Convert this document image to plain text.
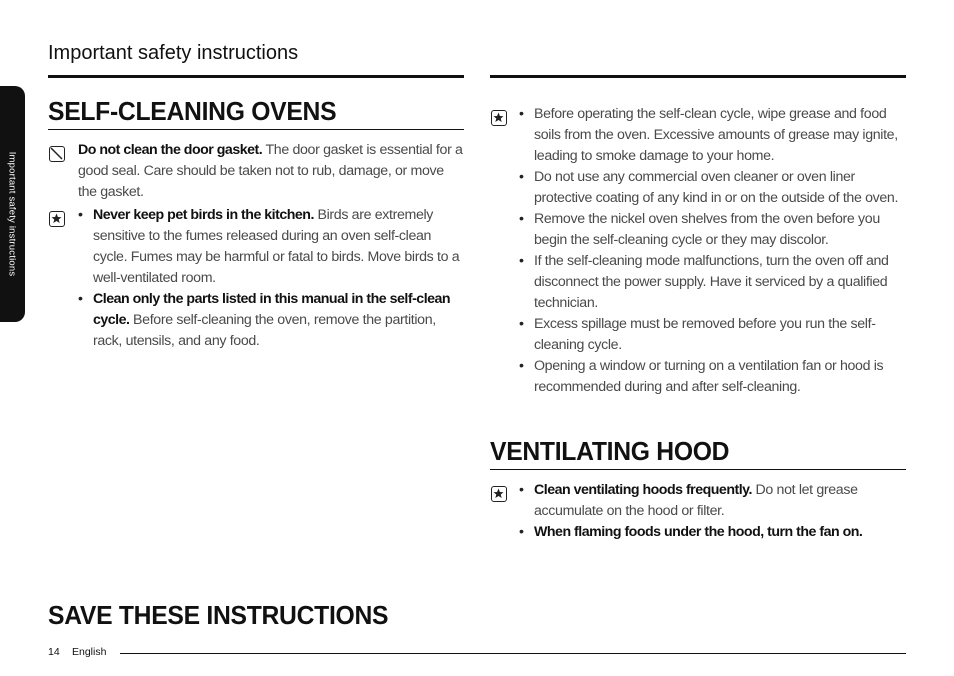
Important safety instructions
Important safety instructions
SELF-CLEANING OVENS
Do not clean the door gasket. The door gasket is essential for a good seal. Care should be taken not to rub, damage, or move the gasket.
• Never keep pet birds in the kitchen. Birds are extremely sensitive to the fumes released during an oven self-clean cycle. Fumes may be harmful or fatal to birds. Move birds to a well-ventilated room.
• Clean only the parts listed in this manual in the self-clean cycle. Before self-cleaning the oven, remove the partition, rack, utensils, and any food.
• Before operating the self-clean cycle, wipe grease and food soils from the oven. Excessive amounts of grease may ignite, leading to smoke damage to your home.
• Do not use any commercial oven cleaner or oven liner protective coating of any kind in or on the outside of the oven.
• Remove the nickel oven shelves from the oven before you begin the self-cleaning cycle or they may discolor.
• If the self-cleaning mode malfunctions, turn the oven off and disconnect the power supply. Have it serviced by a qualified technician.
• Excess spillage must be removed before you run the self-cleaning cycle.
• Opening a window or turning on a ventilation fan or hood is recommended during and after self-cleaning.
VENTILATING HOOD
• Clean ventilating hoods frequently. Do not let grease accumulate on the hood or filter.
• When flaming foods under the hood, turn the fan on.
SAVE THESE INSTRUCTIONS
14 English
